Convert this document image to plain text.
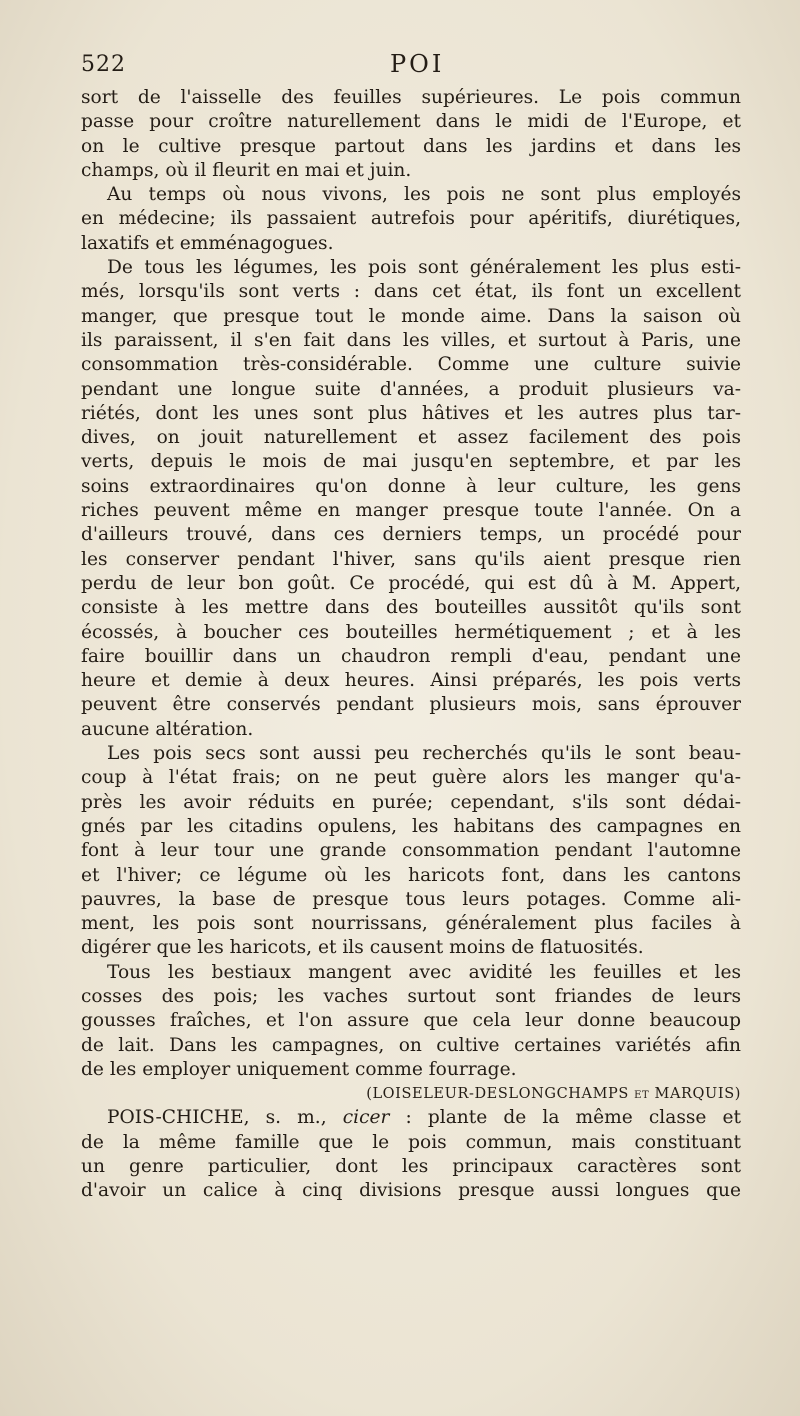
522	POI
sort de l'aisselle des feuilles supérieures. Le pois commun
passe pour croître naturellement dans le midi de l'Europe, et
on le cultive presque partout dans les jardins et dans les
champs, où il fleurit en mai et juin.
Au temps où nous vivons, les pois ne sont plus employés
en médecine; ils passaient autrefois pour apéritifs, diurétiques,
laxatifs et emménagogues.
De tous les légumes, les pois sont généralement les plus esti-
més, lorsqu'ils sont verts : dans cet état, ils font un excellent
manger, que presque tout le monde aime. Dans la saison où
ils paraissent, il s'en fait dans les villes, et surtout à Paris, une
consommation très-considérable. Comme une culture suivie
pendant une longue suite d'années, a produit plusieurs va-
riétés, dont les unes sont plus hâtives et les autres plus tar-
dives, on jouit naturellement et assez facilement des pois
verts, depuis le mois de mai jusqu'en septembre, et par les
soins extraordinaires qu'on donne à leur culture, les gens
riches peuvent même en manger presque toute l'année. On a
d'ailleurs trouvé, dans ces derniers temps, un procédé pour
les conserver pendant l'hiver, sans qu'ils aient presque rien
perdu de leur bon goût. Ce procédé, qui est dû à M. Appert,
consiste à les mettre dans des bouteilles aussitôt qu'ils sont
écossés, à boucher ces bouteilles hermétiquement ; et à les
faire bouillir dans un chaudron rempli d'eau, pendant une
heure et demie à deux heures. Ainsi préparés, les pois verts
peuvent être conservés pendant plusieurs mois, sans éprouver
aucune altération.
Les pois secs sont aussi peu recherchés qu'ils le sont beau-
coup à l'état frais; on ne peut guère alors les manger qu'a-
près les avoir réduits en purée; cependant, s'ils sont dédai-
gnés par les citadins opulens, les habitans des campagnes en
font à leur tour une grande consommation pendant l'automne
et l'hiver; ce légume où les haricots font, dans les cantons
pauvres, la base de presque tous leurs potages. Comme ali-
ment, les pois sont nourrissans, généralement plus faciles à
digérer que les haricots, et ils causent moins de flatuosités.
Tous les bestiaux mangent avec avidité les feuilles et les
cosses des pois; les vaches surtout sont friandes de leurs
gousses fraîches, et l'on assure que cela leur donne beaucoup
de lait. Dans les campagnes, on cultive certaines variétés afin
de les employer uniquement comme fourrage.
(LOISELEUR-DESLONGCHAMPS et MARQUIS)
POIS-CHICHE, s. m., cicer : plante de la même classe et
de la même famille que le pois commun, mais constituant
un genre particulier, dont les principaux caractères sont
d'avoir un calice à cinq divisions presque aussi longues que
